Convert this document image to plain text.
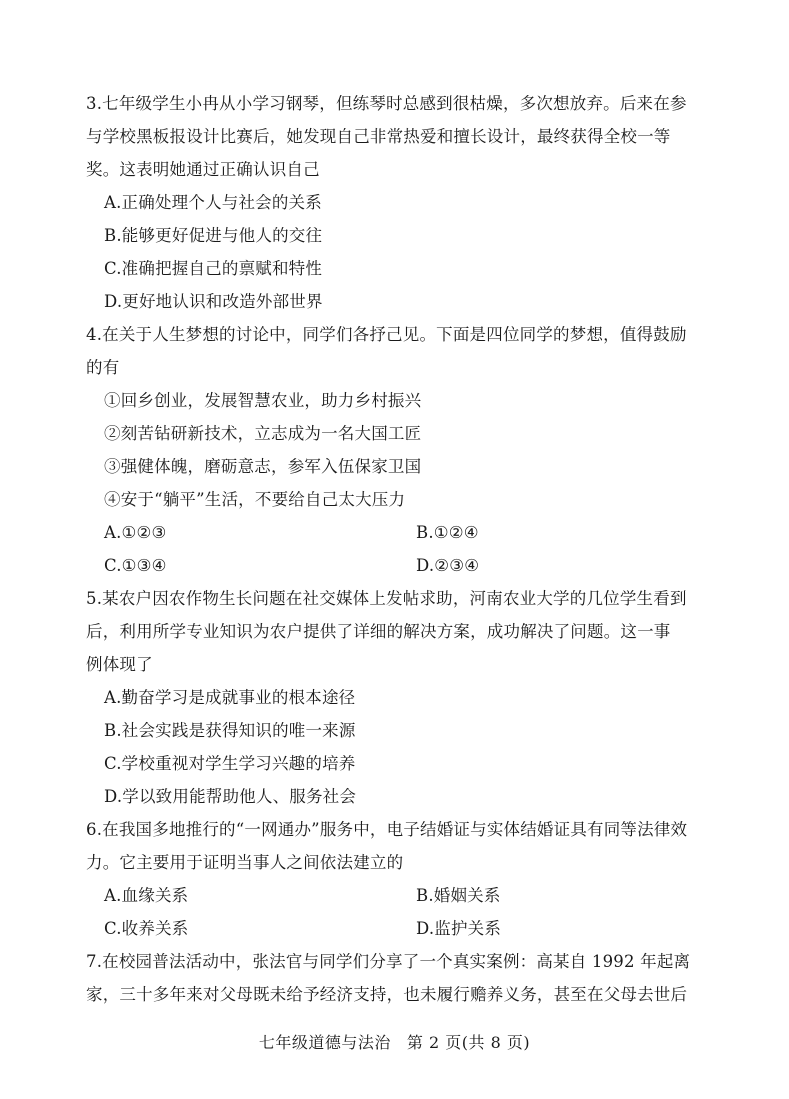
3.七年级学生小冉从小学习钢琴，但练琴时总感到很枯燥，多次想放弃。后来在参
与学校黑板报设计比赛后，她发现自己非常热爱和擅长设计，最终获得全校一等
奖。这表明她通过正确认识自己
A.正确处理个人与社会的关系
B.能够更好促进与他人的交往
C.准确把握自己的禀赋和特性
D.更好地认识和改造外部世界
4.在关于人生梦想的讨论中，同学们各抒己见。下面是四位同学的梦想，值得鼓励
的有
①回乡创业，发展智慧农业，助力乡村振兴
②刻苦钻研新技术，立志成为一名大国工匠
③强健体魄，磨砺意志，参军入伍保家卫国
④安于“躺平”生活，不要给自己太大压力
A.①②③	B.①②④
C.①③④	D.②③④
5.某农户因农作物生长问题在社交媒体上发帖求助，河南农业大学的几位学生看到
后，利用所学专业知识为农户提供了详细的解决方案，成功解决了问题。这一事
例体现了
A.勤奋学习是成就事业的根本途径
B.社会实践是获得知识的唯一来源
C.学校重视对学生学习兴趣的培养
D.学以致用能帮助他人、服务社会
6.在我国多地推行的“一网通办”服务中，电子结婚证与实体结婚证具有同等法律效
力。它主要用于证明当事人之间依法建立的
A.血缘关系	B.婚姻关系
C.收养关系	D.监护关系
7.在校园普法活动中，张法官与同学们分享了一个真实案例：高某自 1992 年起离
家，三十多年来对父母既未给予经济支持，也未履行赡养义务，甚至在父母去世后
七年级道德与法治 第 2 页(共 8 页)
